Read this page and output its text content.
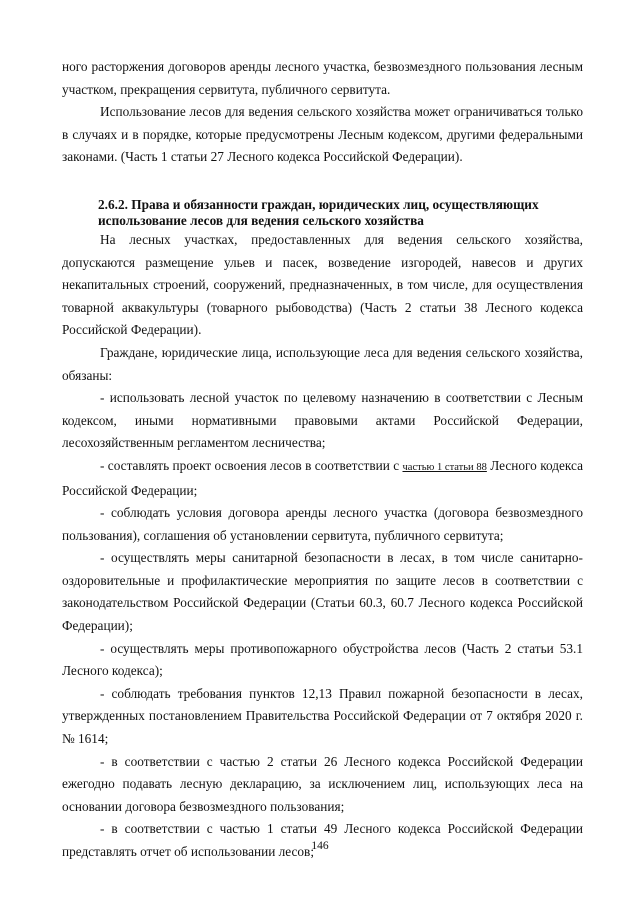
ного расторжения договоров аренды лесного участка, безвозмездного пользования лесным участком, прекращения сервитута, публичного сервитута.

Использование лесов для ведения сельского хозяйства может ограничиваться только в случаях и в порядке, которые предусмотрены Лесным кодексом, другими федеральными законами. (Часть 1 статьи 27 Лесного кодекса Российской Федерации).

2.6.2. Права и обязанности граждан, юридических лиц, осуществляющих
использование лесов для ведения сельского хозяйства

На лесных участках, предоставленных для ведения сельского хозяйства, допускаются размещение ульев и пасек, возведение изгородей, навесов и других некапитальных строений, сооружений, предназначенных, в том числе, для осуществления товарной аквакультуры (товарного рыбоводства) (Часть 2 статьи 38 Лесного кодекса Российской Федерации).

Граждане, юридические лица, использующие леса для ведения сельского хозяйства, обязаны:

- использовать лесной участок по целевому назначению в соответствии с Лесным кодексом, иными нормативными правовыми актами Российской Федерации, лесохозяйственным регламентом лесничества;

- составлять проект освоения лесов в соответствии с частью 1 статьи 88 Лесного кодекса Российской Федерации;

- соблюдать условия договора аренды лесного участка (договора безвозмездного пользования), соглашения об установлении сервитута, публичного сервитута;

- осуществлять меры санитарной безопасности в лесах, в том числе санитарно-оздоровительные и профилактические мероприятия по защите лесов в соответствии с законодательством Российской Федерации (Статьи 60.3, 60.7 Лесного кодекса Российской Федерации);

- осуществлять меры противопожарного обустройства лесов (Часть 2 статьи 53.1 Лесного кодекса);

- соблюдать требования пунктов 12,13 Правил пожарной безопасности в лесах, утвержденных постановлением Правительства Российской Федерации от 7 октября 2020 г. № 1614;

- в соответствии с частью 2 статьи 26 Лесного кодекса Российской Федерации ежегодно подавать лесную декларацию, за исключением лиц, использующих леса на основании договора безвозмездного пользования;

- в соответствии с частью 1 статьи 49 Лесного кодекса Российской Федерации представлять отчет об использовании лесов;

146
